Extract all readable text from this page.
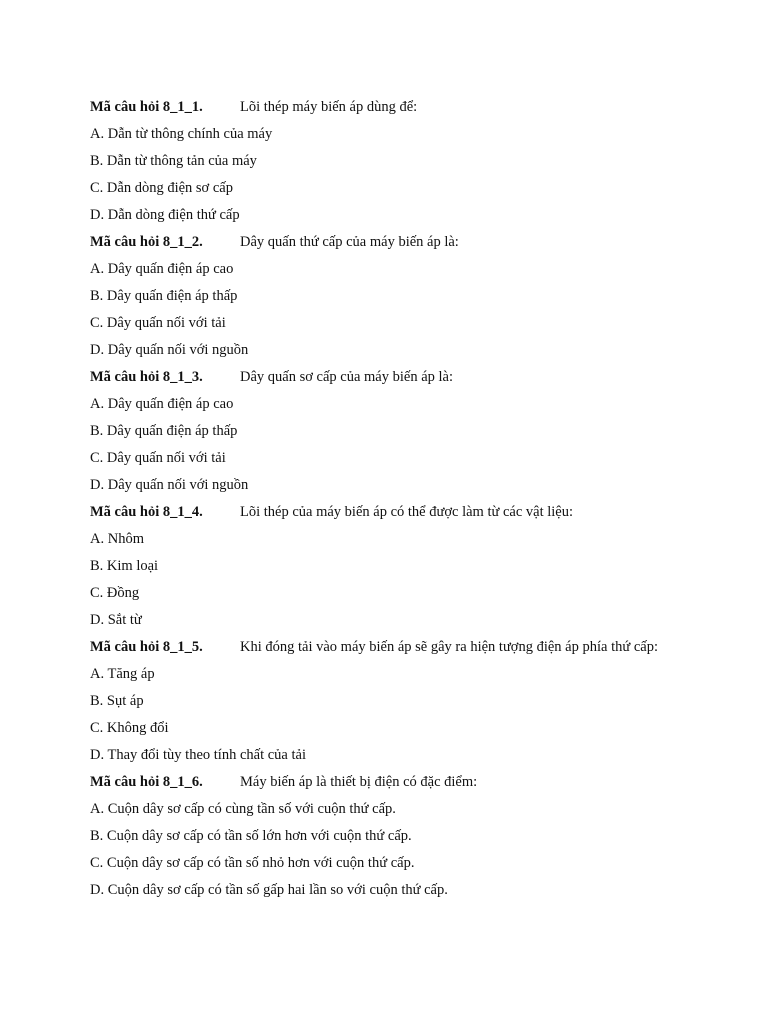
Mã câu hỏi 8_1_1.	Lõi thép máy biến áp dùng để:
A. Dẫn từ thông chính của máy
B. Dẫn từ thông tản của máy
C. Dẫn dòng điện sơ cấp
D. Dẫn dòng điện thứ cấp
Mã câu hỏi 8_1_2.	Dây quấn thứ cấp của máy biến áp là:
A. Dây quấn điện áp cao
B. Dây quấn điện áp thấp
C. Dây quấn nối với tải
D. Dây quấn nối với nguồn
Mã câu hỏi 8_1_3.	Dây quấn sơ cấp của máy biến áp là:
A. Dây quấn điện áp cao
B. Dây quấn điện áp thấp
C. Dây quấn nối với tải
D. Dây quấn nối với nguồn
Mã câu hỏi 8_1_4.	Lõi thép của máy biến áp có thể được làm từ các vật liệu:
A. Nhôm
B. Kim loại
C. Đồng
D. Sắt từ
Mã câu hỏi 8_1_5.	Khi đóng tải vào máy biến áp sẽ gây ra hiện tượng điện áp phía thứ cấp:
A. Tăng áp
B. Sụt áp
C. Không đổi
D. Thay đổi tùy theo tính chất của tải
Mã câu hỏi 8_1_6.	Máy biến áp là thiết bị điện có đặc điểm:
A. Cuộn dây sơ cấp có cùng tần số với cuộn thứ cấp.
B. Cuộn dây sơ cấp có tần số lớn hơn với cuộn thứ cấp.
C. Cuộn dây sơ cấp có tần số nhỏ hơn với cuộn thứ cấp.
D. Cuộn dây sơ cấp có tần số gấp hai lần so với cuộn thứ cấp.
